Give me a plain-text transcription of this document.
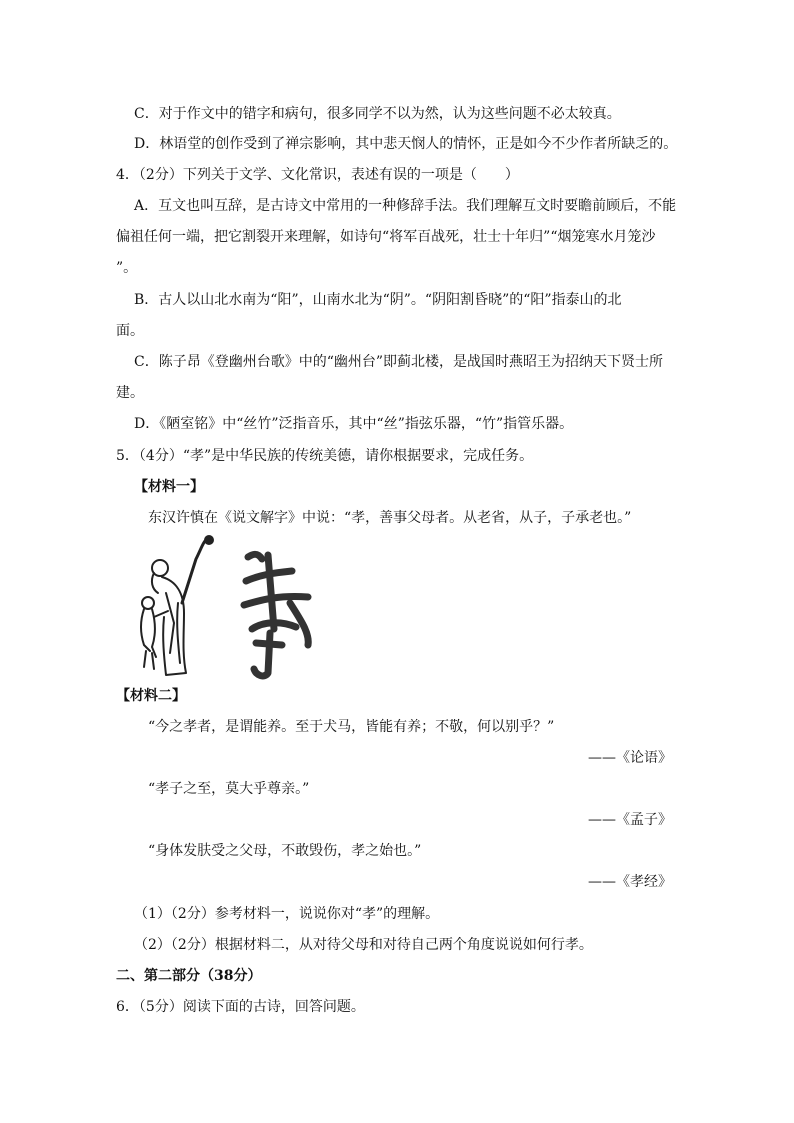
C．对于作文中的错字和病句，很多同学不以为然，认为这些问题不必太较真。
D．林语堂的创作受到了禅宗影响，其中悲天悯人的情怀，正是如今不少作者所缺乏的。
4．（2分）下列关于文学、文化常识，表述有误的一项是（　　）
A．互文也叫互辞，是古诗文中常用的一种修辞手法。我们理解互文时要瞻前顾后，不能
偏祖任何一端，把它割裂开来理解，如诗句“将军百战死，壮士十年归”“烟笼寒水月笼沙
”。
B．古人以山北水南为“阳”，山南水北为“阴”。“阴阳割昏晓”的“阳”指泰山的北
面。
C．陈子昂《登幽州台歌》中的“幽州台”即蓟北楼，是战国时燕昭王为招纳天下贤士所
建。
D．《陋室铭》中“丝竹”泛指音乐，其中“丝”指弦乐器，“竹”指管乐器。
5．（4分）“孝”是中华民族的传统美德，请你根据要求，完成任务。
【材料一】
东汉许慎在《说文解字》中说：“孝，善事父母者。从老省，从子，子承老也。”
【材料二】
“今之孝者，是谓能养。至于犬马，皆能有养；不敬，何以别乎？”
——《论语》
“孝子之至，莫大乎尊亲。”
——《孟子》
“身体发肤受之父母，不敢毁伤，孝之始也。”
——《孝经》
（1）（2分）参考材料一，说说你对“孝”的理解。
（2）（2分）根据材料二，从对待父母和对待自己两个角度说说如何行孝。
二、第二部分（38分）
6．（5分）阅读下面的古诗，回答问题。
